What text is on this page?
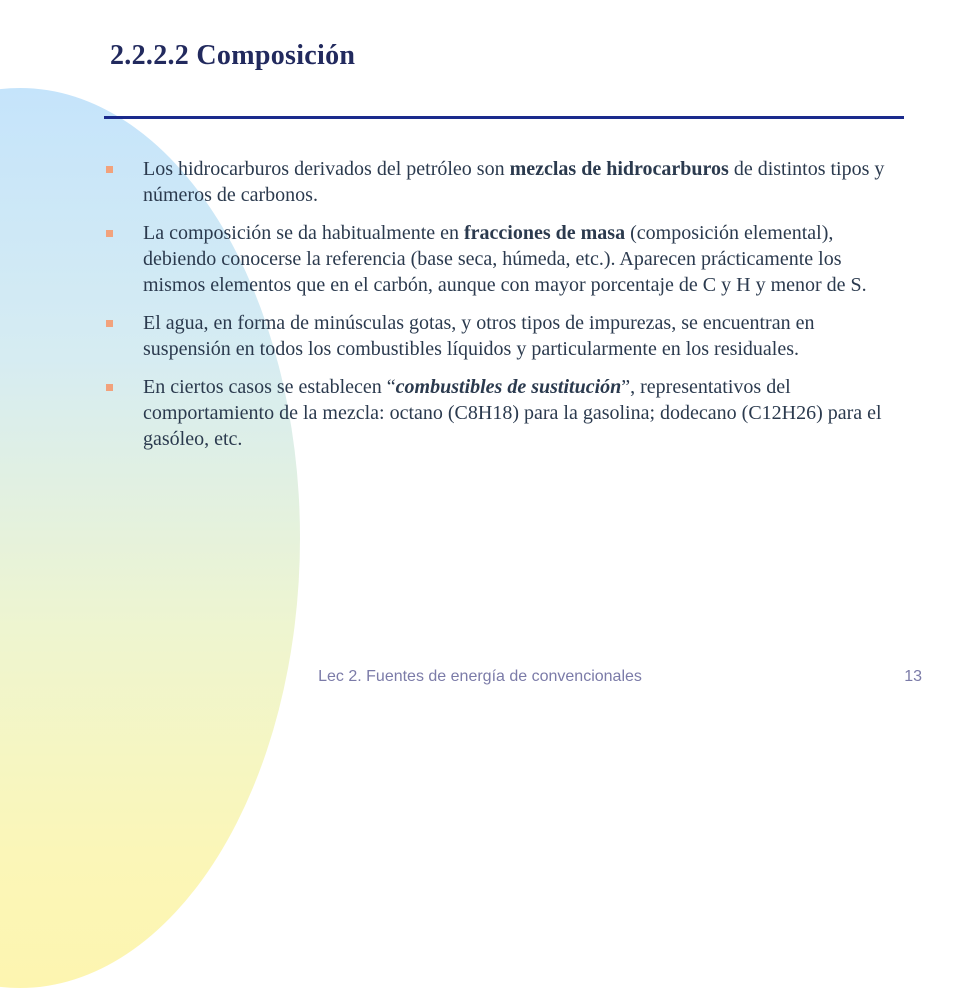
2.2.2.2 Composición
Los hidrocarburos derivados del petróleo son mezclas de hidrocarburos de distintos tipos y números de carbonos.
La composición se da habitualmente en fracciones de masa (composición elemental), debiendo conocerse la referencia (base seca, húmeda, etc.). Aparecen prácticamente los mismos elementos que en el carbón, aunque con mayor porcentaje de C y H y menor de S.
El agua, en forma de minúsculas gotas, y otros tipos de impurezas, se encuentran en suspensión en todos los combustibles líquidos y particularmente en los residuales.
En ciertos casos se establecen “combustibles de sustitución”, representativos del comportamiento de la mezcla: octano (C8H18) para la gasolina; dodecano (C12H26) para el gasóleo, etc.
Lec 2. Fuentes de energía de convencionales	13
